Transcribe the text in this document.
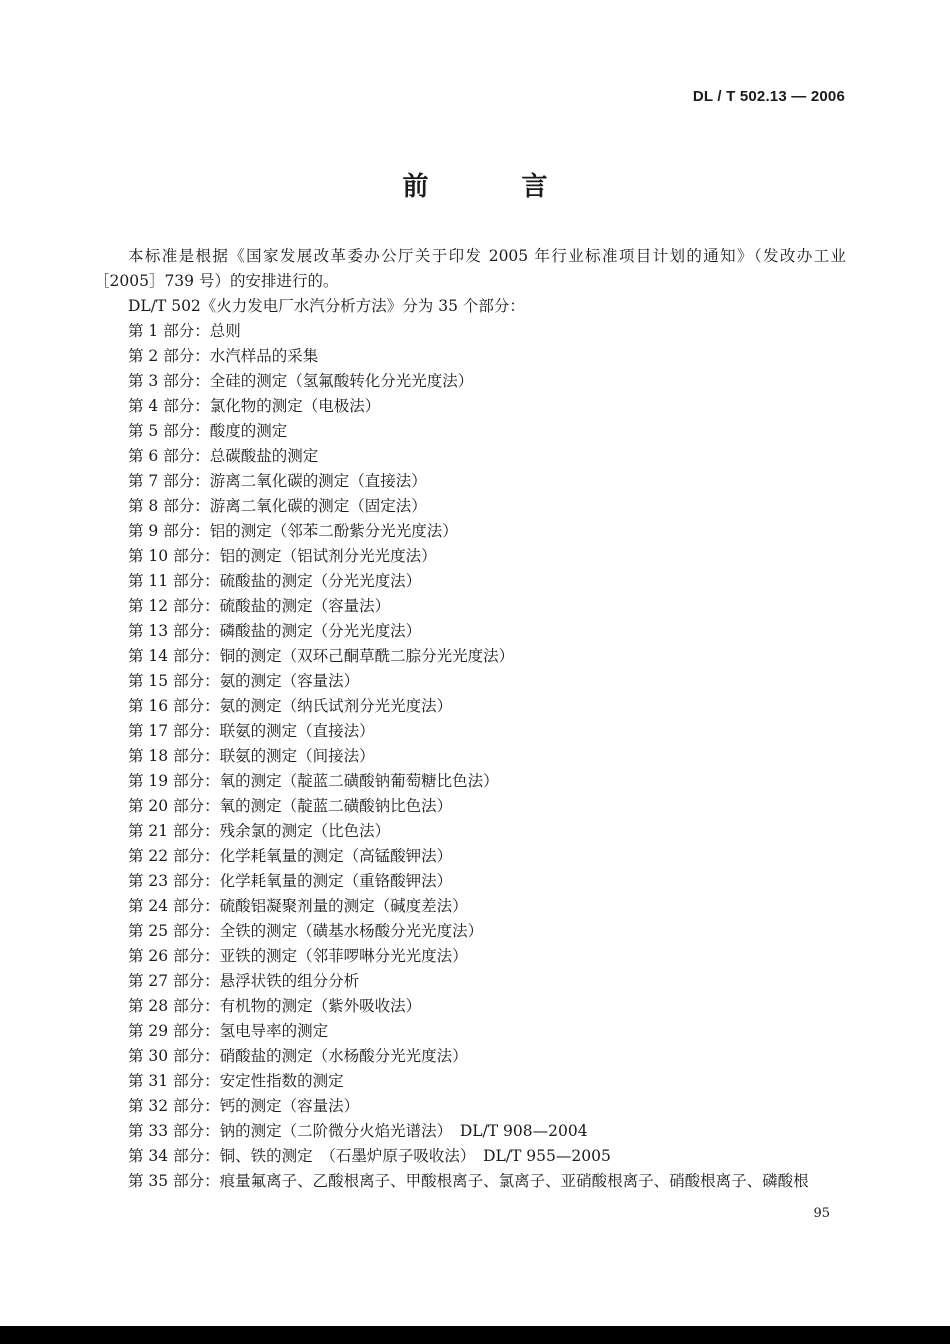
DL / T 502.13 — 2006
前 言

本标准是根据《国家发展改革委办公厅关于印发 2005 年行业标准项目计划的通知》（发改办工业［2005］739 号）的安排进行的。

DL/T 502《火力发电厂水汽分析方法》分为 35 个部分：

第 1 部分：总则

第 2 部分：水汽样品的采集

第 3 部分：全硅的测定（氢氟酸转化分光光度法）

第 4 部分：氯化物的测定（电极法）

第 5 部分：酸度的测定

第 6 部分：总碳酸盐的测定

第 7 部分：游离二氧化碳的测定（直接法）

第 8 部分：游离二氧化碳的测定（固定法）

第 9 部分：铝的测定（邻苯二酚紫分光光度法）

第 10 部分：铝的测定（铝试剂分光光度法）

第 11 部分：硫酸盐的测定（分光光度法）

第 12 部分：硫酸盐的测定（容量法）

第 13 部分：磷酸盐的测定（分光光度法）

第 14 部分：铜的测定（双环己酮草酰二腙分光光度法）

第 15 部分：氨的测定（容量法）

第 16 部分：氨的测定（纳氏试剂分光光度法）

第 17 部分：联氨的测定（直接法）

第 18 部分：联氨的测定（间接法）

第 19 部分：氧的测定（靛蓝二磺酸钠葡萄糖比色法）

第 20 部分：氧的测定（靛蓝二磺酸钠比色法）

第 21 部分：残余氯的测定（比色法）

第 22 部分：化学耗氧量的测定（高锰酸钾法）

第 23 部分：化学耗氧量的测定（重铬酸钾法）

第 24 部分：硫酸铝凝聚剂量的测定（碱度差法）

第 25 部分：全铁的测定（磺基水杨酸分光光度法）

第 26 部分：亚铁的测定（邻菲啰啉分光光度法）

第 27 部分：悬浮状铁的组分分析

第 28 部分：有机物的测定（紫外吸收法）

第 29 部分：氢电导率的测定

第 30 部分：硝酸盐的测定（水杨酸分光光度法）

第 31 部分：安定性指数的测定

第 32 部分：钙的测定（容量法）

第 33 部分：钠的测定（二阶微分火焰光谱法）　DL/T 908—2004

第 34 部分：铜、铁的测定　（石墨炉原子吸收法）　DL/T 955—2005

第 35 部分：痕量氟离子、乙酸根离子、甲酸根离子、氯离子、亚硝酸根离子、硝酸根离子、磷酸根

95
